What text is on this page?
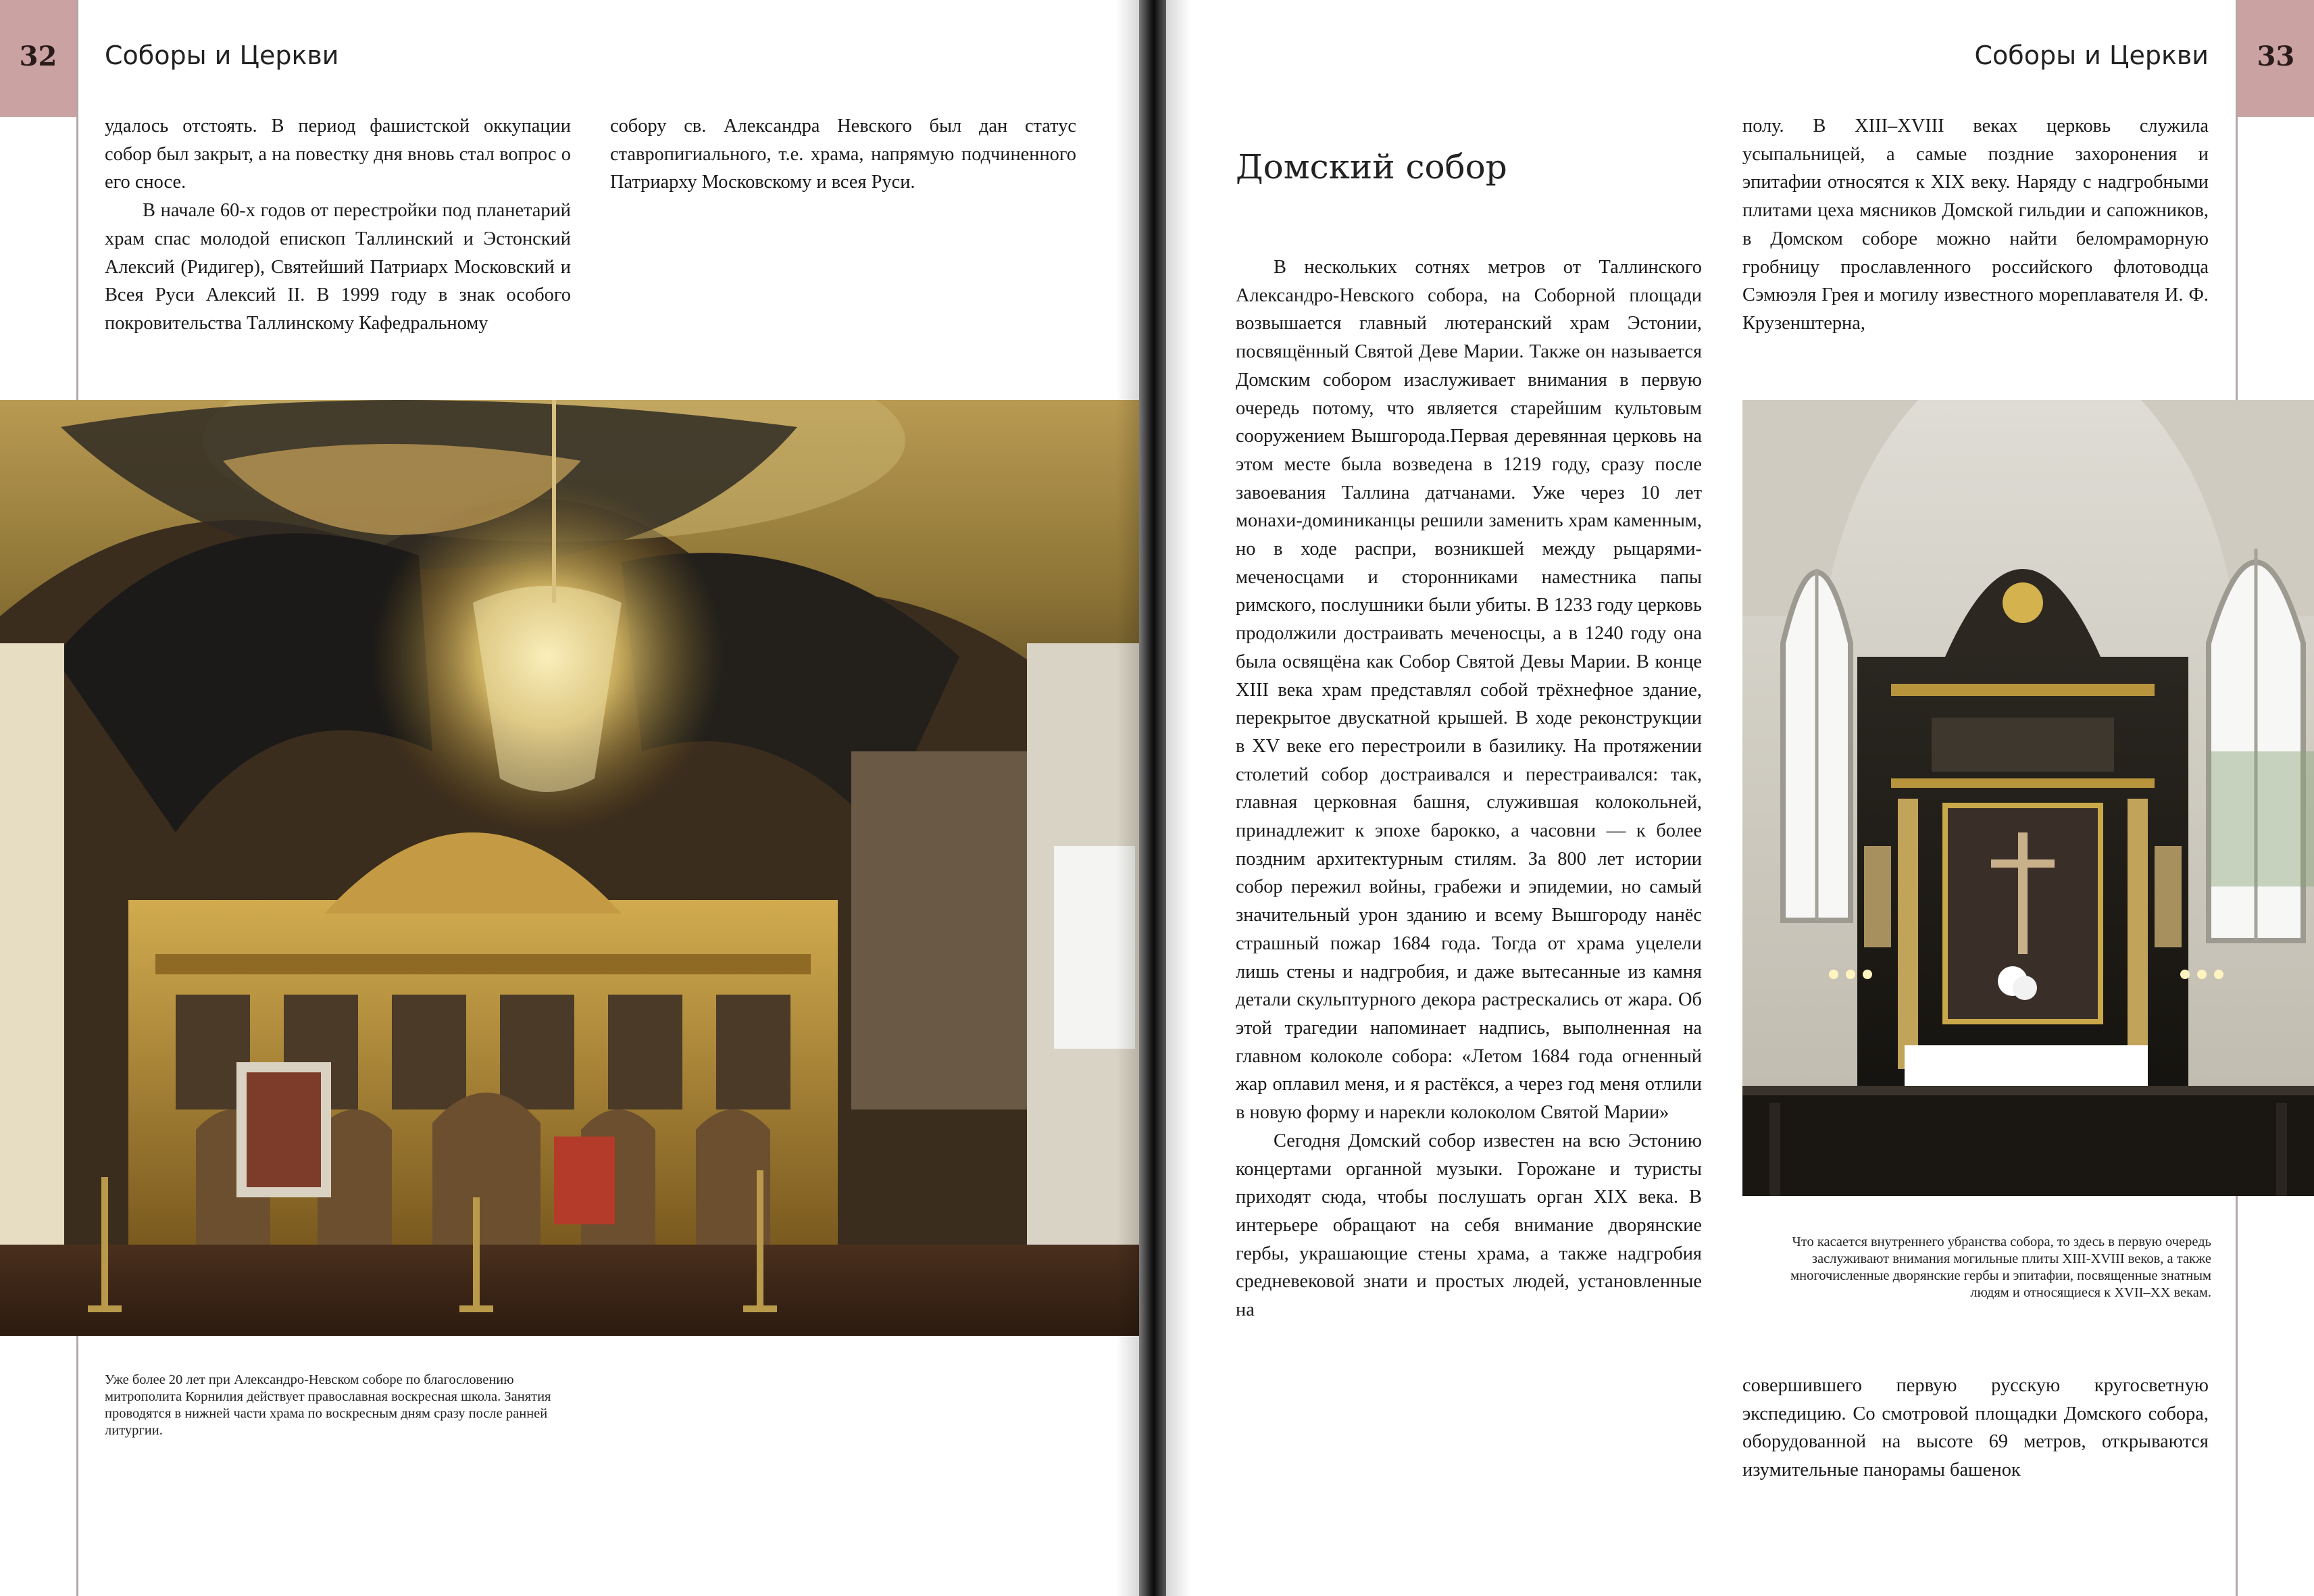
32 Соборы и Церкви

удалось отстоять. В период фашистской оккупации собор был закрыт, а на повестку дня вновь стал вопрос о его сносе.

В начале 60-х годов от перестройки под планетарий храм спас молодой епископ Таллинский и Эстонский Алексий (Ридигер), Святейший Патриарх Московский и Всея Руси Алексий II. В 1999 году в знак особого покровительства Таллинскому Кафедральному

собору св. Александра Невского был дан статус ставропигиального, т.е. храма, напрямую подчиненного Патриарху Московскому и всея Руси.

Уже более 20 лет при Александро-Невском соборе по благословению митрополита Корнилия действует православная воскресная школа. Занятия проводятся в нижней части храма по воскресным дням сразу после ранней литургии.
33
Соборы и Церкви
Домский собор

В нескольких сотнях метров от Таллинского Александро-Невского собора, на Соборной площади возвышается главный лютеранский храм Эстонии, посвящённый Святой Деве Марии. Также он называется Домским собором изаслуживает внимания в первую очередь потому, что является старейшим культовым сооружением Вышгорода.Первая деревянная церковь на этом месте была возведена в 1219 году, сразу после завоевания Таллина датчанами. Уже через 10 лет монахи-доминиканцы решили заменить храм каменным, но в ходе распри, возникшей между рыцарями-меченосцами и сторонниками наместника папы римского, послушники были убиты. В 1233 году церковь продолжили достраивать меченосцы, а в 1240 году она была освящёна как Собор Святой Девы Марии. В конце XIII века храм представлял собой трёхнефное здание, перекрытое двускатной крышей. В ходе реконструкции в XV веке его перестроили в базилику. На протяжении столетий собор достраивался и перестраивался: так, главная церковная башня, служившая колокольней, принадлежит к эпохе барокко, а часовни — к более поздним архитектурным стилям. За 800 лет истории собор пережил войны, грабежи и эпидемии, но самый значительный урон зданию и всему Вышгороду нанёс страшный пожар 1684 года. Тогда от храма уцелели лишь стены и надгробия, и даже вытесанные из камня детали скульптурного декора растрескались от жара. Об этой трагедии напоминает надпись, выполненная на главном колоколе собора: «Летом 1684 года огненный жар оплавил меня, и я растёкся, а через год меня отлили в новую форму и нарекли колоколом Святой Марии»

Сегодня Домский собор известен на всю Эстонию концертами органной музыки. Горожане и туристы приходят сюда, чтобы послушать орган XIX века. В интерьере обращают на себя внимание дворянские гербы, украшающие стены храма, а также надгробия средневековой знати и простых людей, установленные на

полу. В XIII–XVIII веках церковь служила усыпальницей, а самые поздние захоронения и эпитафии относятся к XIX веку. Наряду с надгробными плитами цеха мясников Домской гильдии и сапожников, в Домском соборе можно найти беломраморную гробницу прославленного российского флотоводца Сэмюэля Грея и могилу известного мореплавателя И. Ф. Крузенштерна,

Что касается внутреннего убранства собора, то здесь в первую очередь заслуживают внимания могильные плиты XIII-XVIII веков, а также многочисленные дворянские гербы и эпитафии, посвященные знатным людям и относящиеся к XVII–XX векам.

совершившего первую русскую кругосветную экспедицию. Со смотровой площадки Домского собора, оборудованной на высоте 69 метров, открываются изумительные панорамы башенок
